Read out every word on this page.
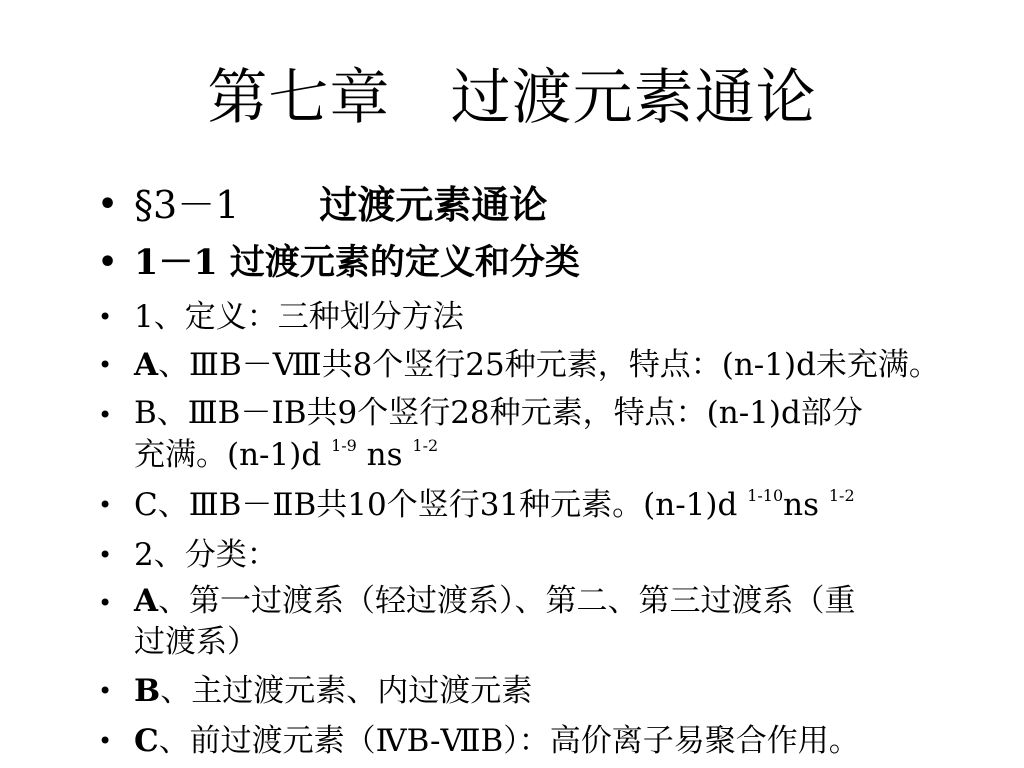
第七章   过渡元素通论
• §3－1 过渡元素通论
• 1－1 过渡元素的定义和分类
• 1、定义：三种划分方法
• A、ⅢB－Ⅷ共8个竖行25种元素，特点：(n-1)d未充满。
• B、ⅢB－ⅠB共9个竖行28种元素，特点：(n-1)d部分
充满。(n-1)d $^{1-9}$ ns $^{1-2}$
• C、ⅢB－ⅡB共10个竖行31种元素。(n-1)d $^{1-10}$ns $^{1-2}$
• 2、分类：
• A、第一过渡系（轻过渡系）、第二、第三过渡系（重
过渡系）
• B、主过渡元素、内过渡元素
• C、前过渡元素（ⅣB-ⅦB）：高价离子易聚合作用。
